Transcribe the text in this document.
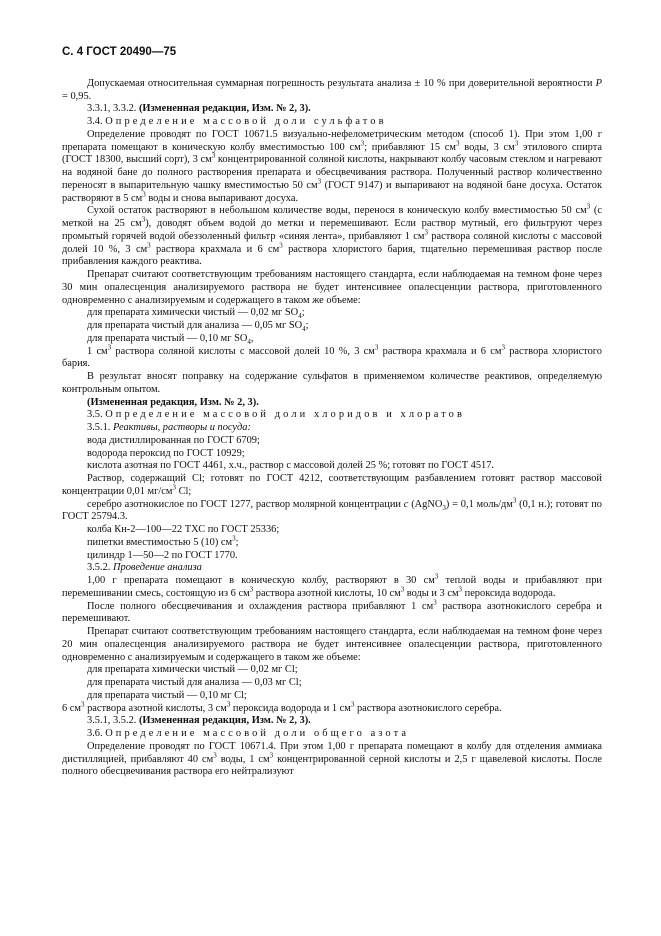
С. 4 ГОСТ 20490—75

Допускаемая относительная суммарная погрешность результата анализа ± 10 % при доверительной вероятности P = 0,95.

3.3.1, 3.3.2. (Измененная редакция, Изм. № 2, 3).

3.4. Определение массовой доли сульфатов

Определение проводят по ГОСТ 10671.5 визуально-нефелометрическим методом (способ 1). При этом 1,00 г препарата помещают в коническую колбу вместимостью 100 $см^3$; прибавляют 15 $см^3$ воды, 3 $см^3$ этилового спирта (ГОСТ 18300, высший сорт), 3 $см^3$ концентрированной соляной кислоты, накрывают колбу часовым стеклом и нагревают на водяной бане до полного растворения препарата и обесцвечивания раствора. Полученный раствор количественно переносят в выпарительную чашку вместимостью 50 $см^3$ (ГОСТ 9147) и выпаривают на водяной бане досуха. Остаток растворяют в 5 $см^3$ воды и снова выпаривают досуха.

Сухой остаток растворяют в небольшом количестве воды, перенося в коническую колбу вместимостью 50 $см^3$ (с меткой на 25 $см^3$), доводят объем водой до метки и перемешивают. Если раствор мутный, его фильтруют через промытый горячей водой обеззоленный фильтр «синяя лента», прибавляют 1 $см^3$ раствора соляной кислоты с массовой долей 10 %, 3 $см^3$ раствора крахмала и 6 $см^3$ раствора хлористого бария, тщательно перемешивая раствор после прибавления каждого реактива.

Препарат считают соответствующим требованиям настоящего стандарта, если наблюдаемая на темном фоне через 30 мин опалесценция анализируемого раствора не будет интенсивнее опалесценции раствора, приготовленного одновременно с анализируемым и содержащего в таком же объеме:

для препарата химически чистый — 0,02 мг $SO_4$;

для препарата чистый для анализа — 0,05 мг $SO_4$;

для препарата чистый — 0,10 мг $SO_4$,

1 $см^3$ раствора соляной кислоты с массовой долей 10 %, 3 $см^3$ раствора крахмала и 6 $см^3$ раствора хлористого бария.

В результат вносят поправку на содержание сульфатов в применяемом количестве реактивов, определяемую контрольным опытом.

(Измененная редакция, Изм. № 2, 3).

3.5. Определение массовой доли хлоридов и хлоратов

3.5.1. Реактивы, растворы и посуда:

вода дистиллированная по ГОСТ 6709;

водорода пероксид по ГОСТ 10929;

кислота азотная по ГОСТ 4461, х.ч., раствор с массовой долей 25 %; готовят по ГОСТ 4517.

Раствор, содержащий Cl; готовят по ГОСТ 4212, соответствующим разбавлением готовят раствор массовой концентрации 0,01 $мг/см^3$ Cl;

серебро азотнокислое по ГОСТ 1277, раствор молярной концентрации c (AgNO$_3$) = 0,1 моль/$дм^3$ (0,1 н.); готовят по ГОСТ 25794.3.

колба Кн-2—100—22 ТХС по ГОСТ 25336;

пипетки вместимостью 5 (10) $см^3$;

цилиндр 1—50—2 по ГОСТ 1770.

3.5.2. Проведение анализа

1,00 г препарата помещают в коническую колбу, растворяют в 30 $см^3$ теплой воды и прибавляют при перемешивании смесь, состоящую из 6 $см^3$ раствора азотной кислоты, 10 $см^3$ воды и 3 $см^3$ пероксида водорода.

После полного обесцвечивания и охлаждения раствора прибавляют 1 $см^3$ раствора азотнокислого серебра и перемешивают.

Препарат считают соответствующим требованиям настоящего стандарта, если наблюдаемая на темном фоне через 20 мин опалесценция анализируемого раствора не будет интенсивнее опалесценции раствора, приготовленного одновременно с анализируемым и содержащего в таком же объеме:

для препарата химически чистый — 0,02 мг Cl;

для препарата чистый для анализа — 0,03 мг Cl;

для препарата чистый — 0,10 мг Cl;

6 $см^3$ раствора азотной кислоты, 3 $см^3$ пероксида водорода и 1 $см^3$ раствора азотнокислого серебра.

3.5.1, 3.5.2. (Измененная редакция, Изм. № 2, 3).

3.6. Определение массовой доли общего азота

Определение проводят по ГОСТ 10671.4. При этом 1,00 г препарата помещают в колбу для отделения аммиака дистилляцией, прибавляют 40 $см^3$ воды, 1 $см^3$ концентрированной серной кислоты и 2,5 г щавелевой кислоты. После полного обесцвечивания раствора его нейтрализуют
